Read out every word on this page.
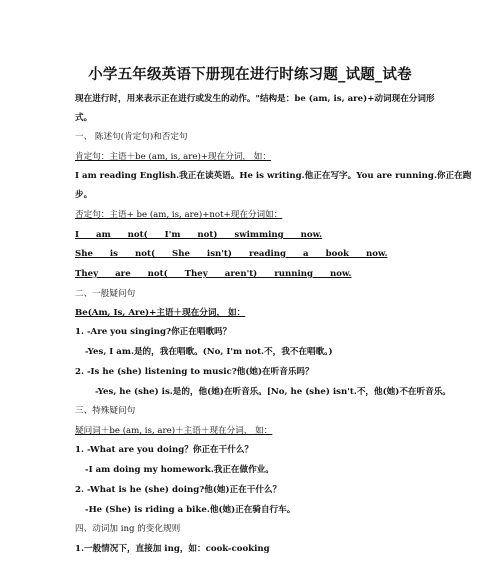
小学五年级英语下册现在进行时练习题_试题_试卷
现在进行时，用来表示正在进行或发生的动作。"结构是：be (am, is, are)+动词现在分词形
式。
一、 陈述句(肯定句)和否定句
肯定句：主语＋be (am, is, are)+现在分词， 如：
I am reading English.我正在读英语。He is writing.他正在写字。You are running.你正在跑
步。
否定句：主语+ be (am, is, are)+not+现在分词如：
I am not( I'm not) swimming now.
She is not( She isn't) reading a book now.
They are not( They aren't) running now.
二、一般疑问句
Be(Am, Is, Are)+主语＋现在分词， 如：
1. -Are you singing?你正在唱歌吗？
-Yes, I am.是的，我在唱歌。(No, I'm not.不，我不在唱歌。)
2. -Is he (she) listening to music?他(她)在听音乐吗？
-Yes, he (she) is.是的，他(她)在听音乐。[No, he (she) isn't.不，他(她)不在听音乐。
三、特殊疑问句
疑问词＋be (am, is, are)＋主语＋现在分词， 如：
1. -What are you doing？你正在干什么？
-I am doing my homework.我正在做作业。
2. -What is he (she) doing?他(她)正在干什么？
-He (She) is riding a bike.他(她)正在骑自行车。
四、动词加 ing 的变化规则
1.一般情况下，直接加 ing，如：cook-cooking
